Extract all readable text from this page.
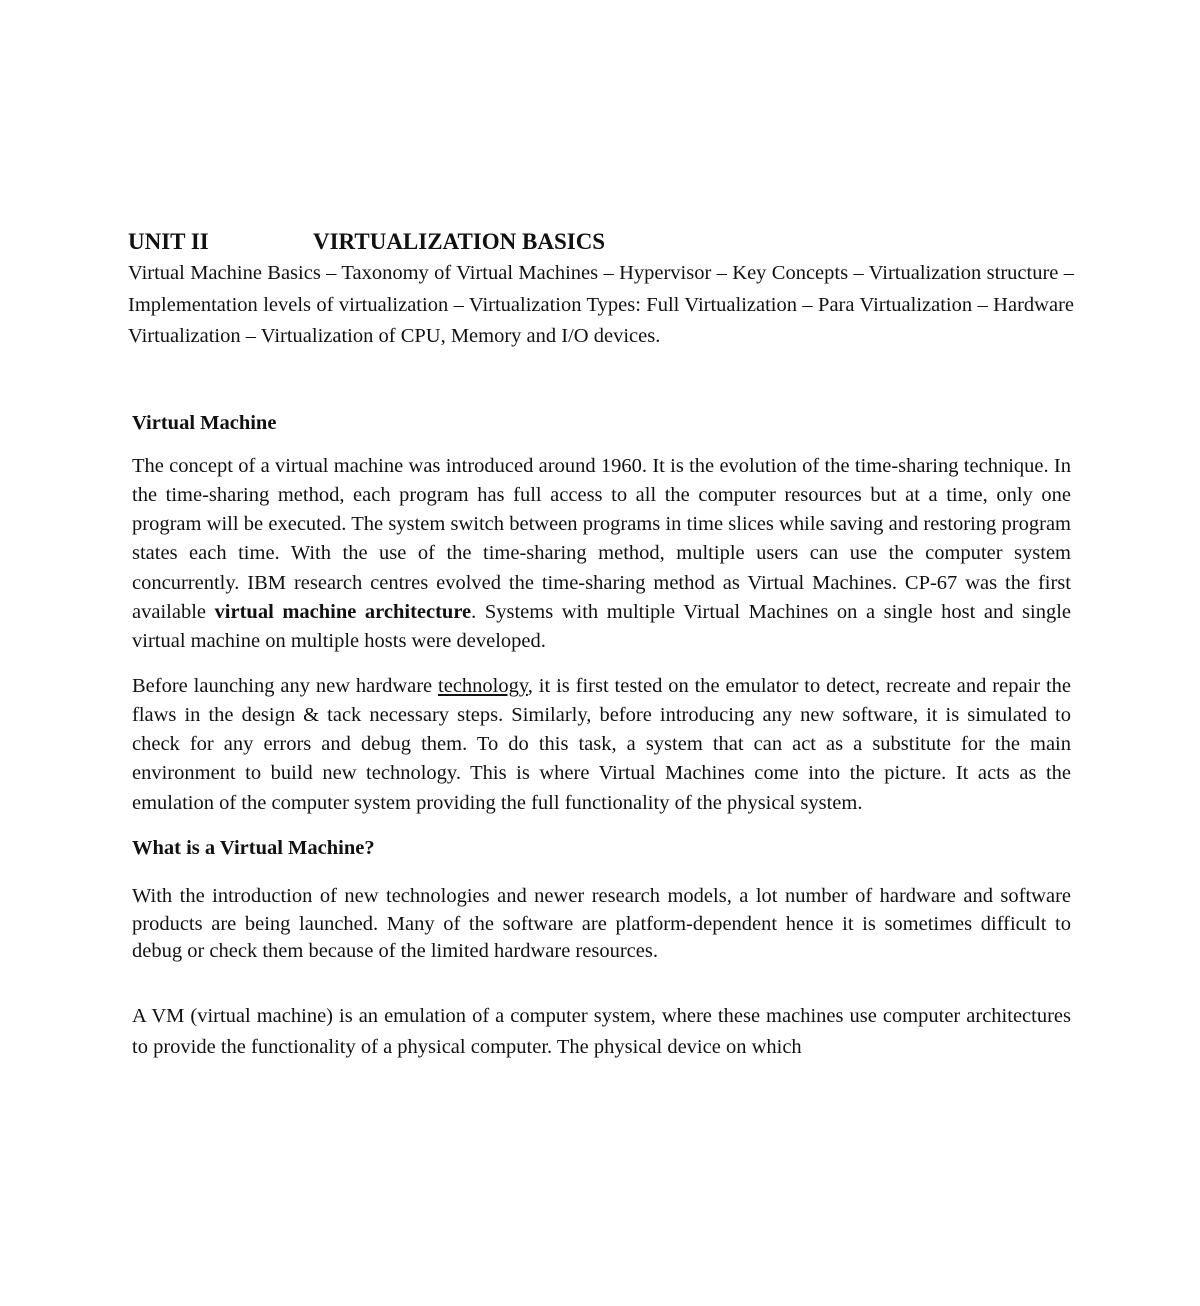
UNIT II	VIRTUALIZATION BASICS

Virtual Machine Basics – Taxonomy of Virtual Machines – Hypervisor – Key Concepts – Virtualization structure – Implementation levels of virtualization – Virtualization Types: Full Virtualization – Para Virtualization – Hardware Virtualization – Virtualization of CPU, Memory and I/O devices.

Virtual Machine

The concept of a virtual machine was introduced around 1960. It is the evolution of the time-sharing technique. In the time-sharing method, each program has full access to all the computer resources but at a time, only one program will be executed. The system switch between programs in time slices while saving and restoring program states each time. With the use of the time-sharing method, multiple users can use the computer system concurrently. IBM research centres evolved the time-sharing method as Virtual Machines. CP-67 was the first available virtual machine architecture. Systems with multiple Virtual Machines on a single host and single virtual machine on multiple hosts were developed.

Before launching any new hardware technology, it is first tested on the emulator to detect, recreate and repair the flaws in the design & tack necessary steps. Similarly, before introducing any new software, it is simulated to check for any errors and debug them. To do this task, a system that can act as a substitute for the main environment to build new technology. This is where Virtual Machines come into the picture. It acts as the emulation of the computer system providing the full functionality of the physical system.

What is a Virtual Machine?

With the introduction of new technologies and newer research models, a lot number of hardware and software products are being launched. Many of the software are platform-dependent hence it is sometimes difficult to debug or check them because of the limited hardware resources.

A VM (virtual machine) is an emulation of a computer system, where these machines use computer architectures to provide the functionality of a physical computer. The physical device on which
